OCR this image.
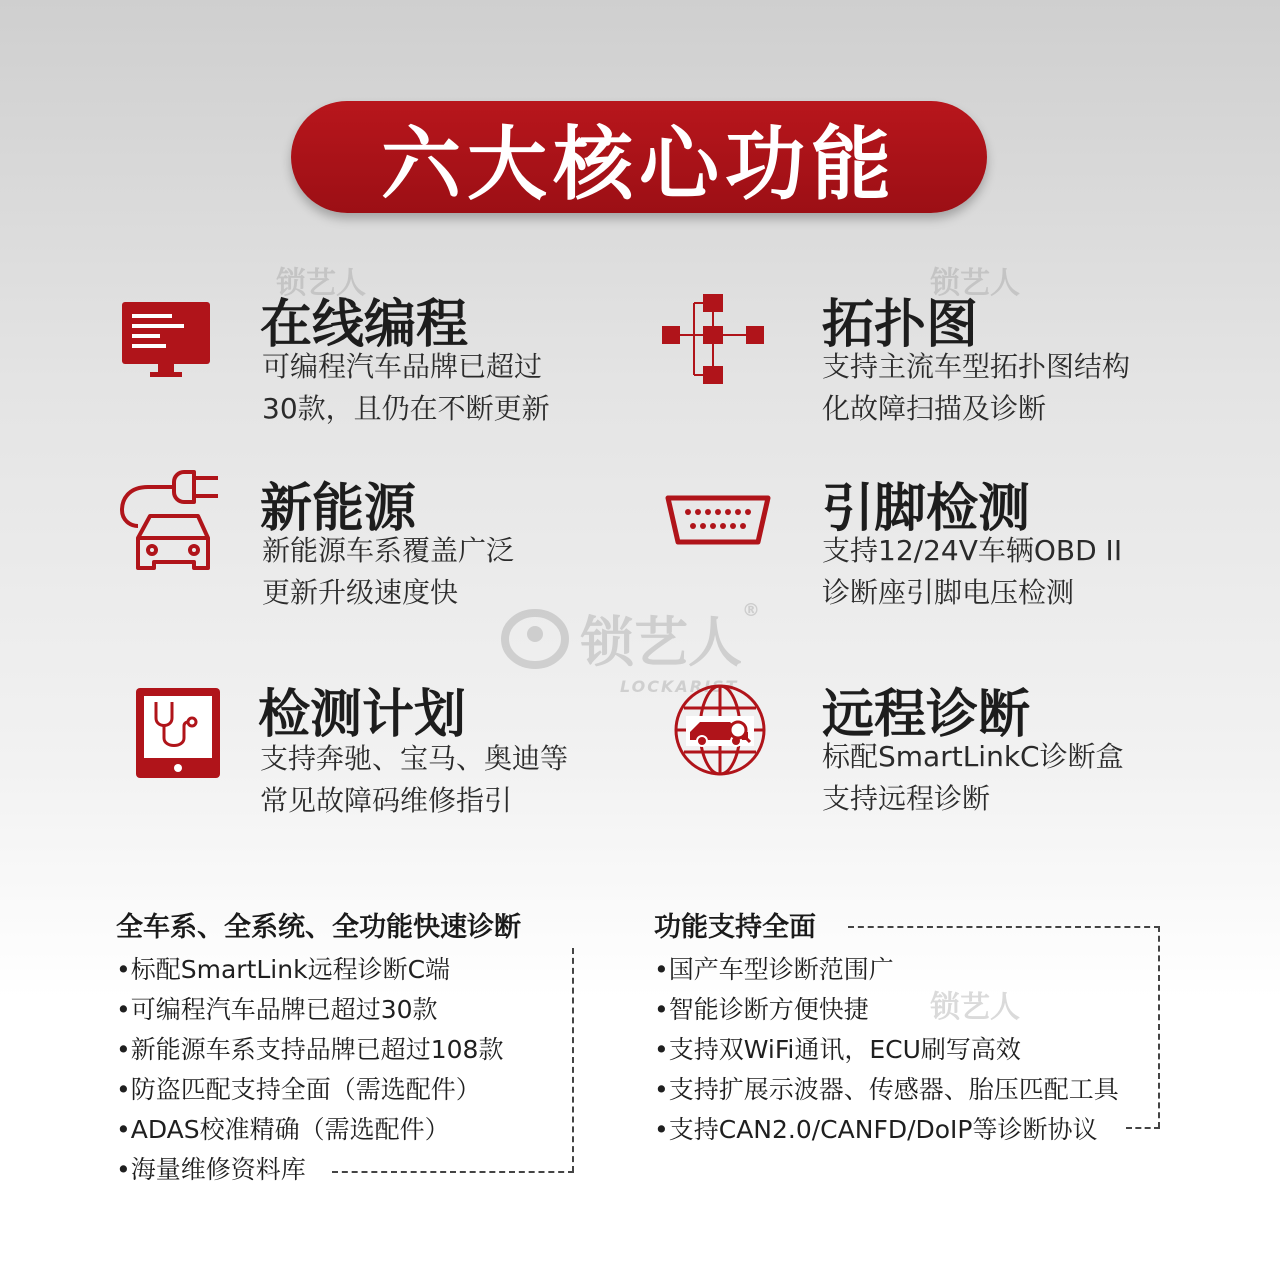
六大核心功能
锁艺人	锁艺人
锁艺人
®
LOCKARIST
锁艺人
在线编程
可编程汽车品牌已超过
30款，且仍在不断更新
拓扑图
支持主流车型拓扑图结构
化故障扫描及诊断
新能源
新能源车系覆盖广泛
更新升级速度快
引脚检测
支持12/24V车辆OBD II
诊断座引脚电压检测
检测计划
支持奔驰、宝马、奥迪等
常见故障码维修指引
远程诊断
标配SmartLinkC诊断盒
支持远程诊断
全车系、全系统、全功能快速诊断
•标配SmartLink远程诊断C端
•可编程汽车品牌已超过30款
•新能源车系支持品牌已超过108款
•防盗匹配支持全面（需选配件）
•ADAS校准精确（需选配件）
•海量维修资料库
功能支持全面
•国产车型诊断范围广
•智能诊断方便快捷
•支持双WiFi通讯，ECU刷写高效
•支持扩展示波器、传感器、胎压匹配工具
•支持CAN2.0/CANFD/DoIP等诊断协议
